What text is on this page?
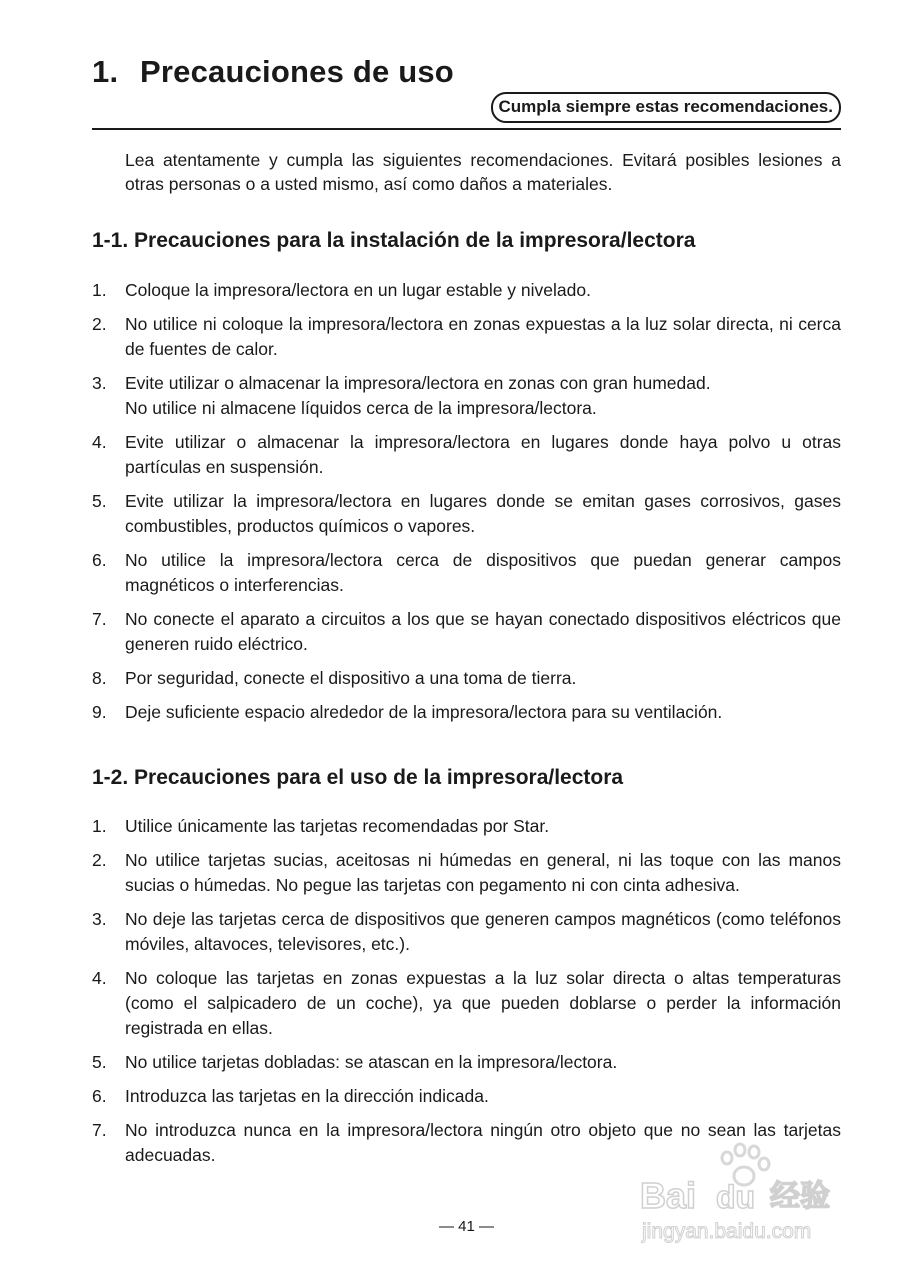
1. Precauciones de uso
Cumpla siempre estas recomendaciones.

Lea atentamente y cumpla las siguientes recomendaciones. Evitará posibles lesiones a otras personas o a usted mismo, así como daños a materiales.

1-1. Precauciones para la instalación de la impresora/lectora
1. Coloque la impresora/lectora en un lugar estable y nivelado.
2. No utilice ni coloque la impresora/lectora en zonas expuestas a la luz solar directa, ni cerca de fuentes de calor.
3. Evite utilizar o almacenar la impresora/lectora en zonas con gran humedad.
No utilice ni almacene líquidos cerca de la impresora/lectora.
4. Evite utilizar o almacenar la impresora/lectora en lugares donde haya polvo u otras partículas en suspensión.
5. Evite utilizar la impresora/lectora en lugares donde se emitan gases corrosivos, gases combustibles, productos químicos o vapores.
6. No utilice la impresora/lectora cerca de dispositivos que puedan generar campos magnéticos o interferencias.
7. No conecte el aparato a circuitos a los que se hayan conectado dispositivos eléctricos que generen ruido eléctrico.
8. Por seguridad, conecte el dispositivo a una toma de tierra.
9. Deje suficiente espacio alrededor de la impresora/lectora para su ventilación.
1-2. Precauciones para el uso de la impresora/lectora
1. Utilice únicamente las tarjetas recomendadas por Star.
2. No utilice tarjetas sucias, aceitosas ni húmedas en general, ni las toque con las manos sucias o húmedas. No pegue las tarjetas con pegamento ni con cinta adhesiva.
3. No deje las tarjetas cerca de dispositivos que generen campos magnéticos (como teléfonos móviles, altavoces, televisores, etc.).
4. No coloque las tarjetas en zonas expuestas a la luz solar directa o altas temperaturas (como el salpicadero de un coche), ya que pueden doblarse o perder la información registrada en ellas.
5. No utilice tarjetas dobladas: se atascan en la impresora/lectora.
6. Introduzca las tarjetas en la dirección indicada.
7. No introduzca nunca en la impresora/lectora ningún otro objeto que no sean las tarjetas adecuadas.
— 41 —
Bai du 经验
jingyan.baidu.com
